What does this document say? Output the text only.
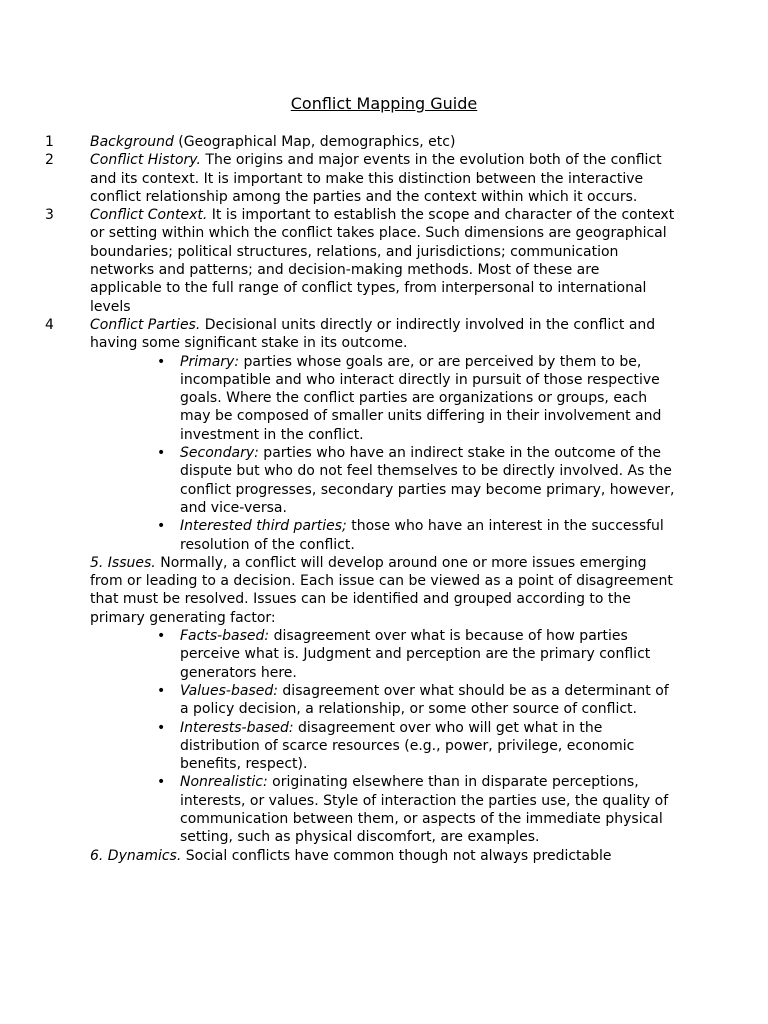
Conflict Mapping Guide
1	Background (Geographical Map, demographics, etc)
2	Conflict History. The origins and major events in the evolution both of the conflict and its context. It is important to make this distinction between the interactive conflict relationship among the parties and the context within which it occurs.
3	Conflict Context. It is important to establish the scope and character of the context or setting within which the conflict takes place. Such dimensions are geographical boundaries; political structures, relations, and jurisdictions; communication networks and patterns; and decision-making methods. Most of these are applicable to the full range of conflict types, from interpersonal to international levels
4	Conflict Parties. Decisional units directly or indirectly involved in the conflict and having some significant stake in its outcome.
• Primary: parties whose goals are, or are perceived by them to be, incompatible and who interact directly in pursuit of those respective goals. Where the conflict parties are organizations or groups, each may be composed of smaller units differing in their involvement and investment in the conflict.
• Secondary: parties who have an indirect stake in the outcome of the dispute but who do not feel themselves to be directly involved. As the conflict progresses, secondary parties may become primary, however, and vice-versa.
• Interested third parties; those who have an interest in the successful resolution of the conflict.
5. Issues. Normally, a conflict will develop around one or more issues emerging from or leading to a decision. Each issue can be viewed as a point of disagreement that must be resolved. Issues can be identified and grouped according to the primary generating factor:
• Facts-based: disagreement over what is because of how parties perceive what is. Judgment and perception are the primary conflict generators here.
• Values-based: disagreement over what should be as a determinant of a policy decision, a relationship, or some other source of conflict.
• Interests-based: disagreement over who will get what in the distribution of scarce resources (e.g., power, privilege, economic benefits, respect).
• Nonrealistic: originating elsewhere than in disparate perceptions, interests, or values. Style of interaction the parties use, the quality of communication between them, or aspects of the immediate physical setting, such as physical discomfort, are examples.
6. Dynamics. Social conflicts have common though not always predictable
